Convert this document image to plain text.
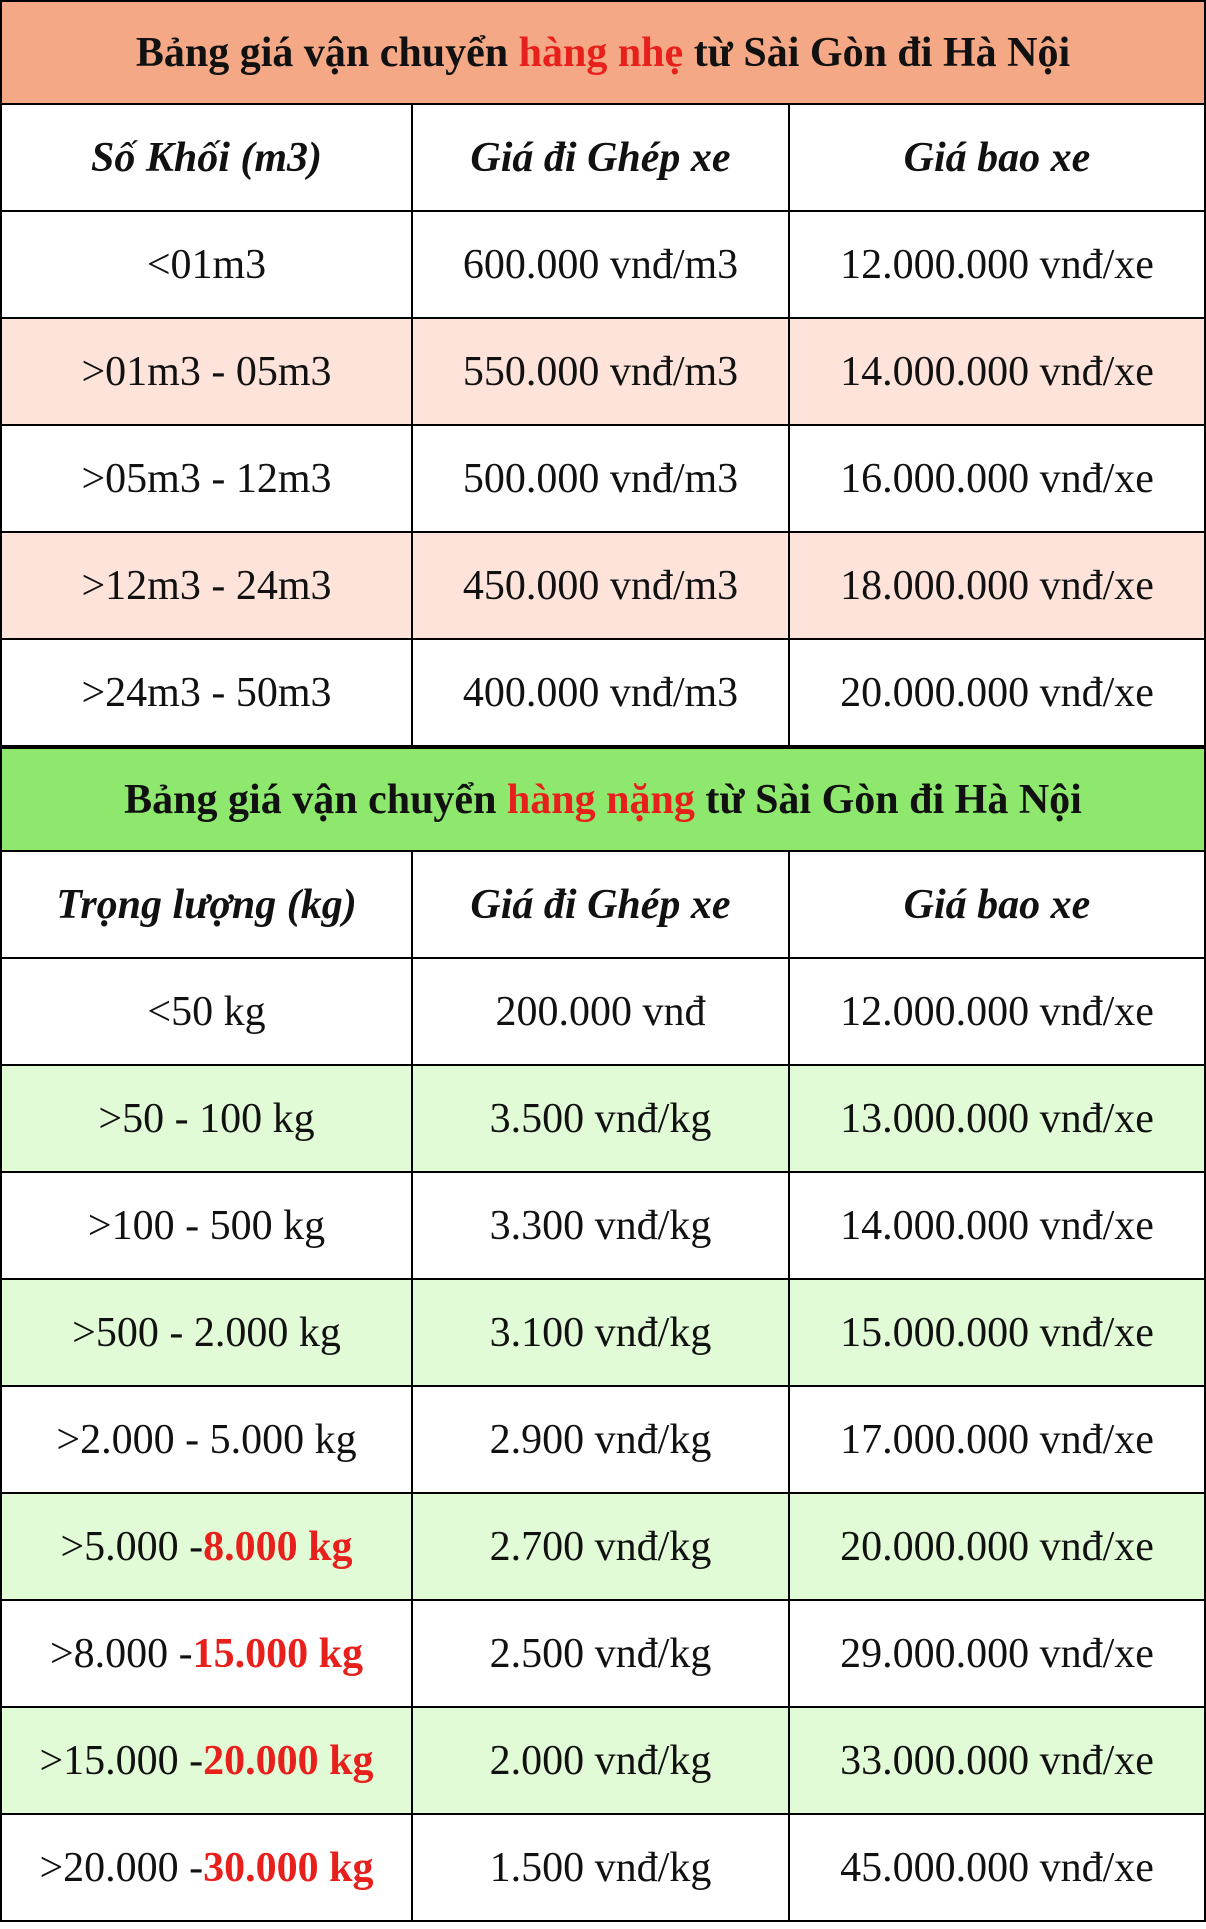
Bảng giá vận chuyển
hàng nhẹ
từ Sài Gòn đi Hà Nội
Số Khối (m3)	Giá đi Ghép xe	Giá bao xe
<01m3	600.000 vnđ/m3	12.000.000 vnđ/xe
>01m3 - 05m3	550.000 vnđ/m3	14.000.000 vnđ/xe
>05m3 - 12m3	500.000 vnđ/m3	16.000.000 vnđ/xe
>12m3 - 24m3	450.000 vnđ/m3	18.000.000 vnđ/xe
>24m3 - 50m3	400.000 vnđ/m3	20.000.000 vnđ/xe
Bảng giá vận chuyển
hàng nặng
từ Sài Gòn đi Hà Nội
Trọng lượng (kg)	Giá đi Ghép xe	Giá bao xe
<50 kg	200.000 vnđ	12.000.000 vnđ/xe
>50 - 100 kg	3.500 vnđ/kg	13.000.000 vnđ/xe
>100 - 500 kg	3.300 vnđ/kg	14.000.000 vnđ/xe
>500 - 2.000 kg	3.100 vnđ/kg	15.000.000 vnđ/xe
>2.000 - 5.000 kg	2.900 vnđ/kg	17.000.000 vnđ/xe
>5.000 - 8.000 kg	2.700 vnđ/kg	20.000.000 vnđ/xe
>8.000 - 15.000 kg	2.500 vnđ/kg	29.000.000 vnđ/xe
>15.000 - 20.000 kg	2.000 vnđ/kg	33.000.000 vnđ/xe
>20.000 - 30.000 kg	1.500 vnđ/kg	45.000.000 vnđ/xe
